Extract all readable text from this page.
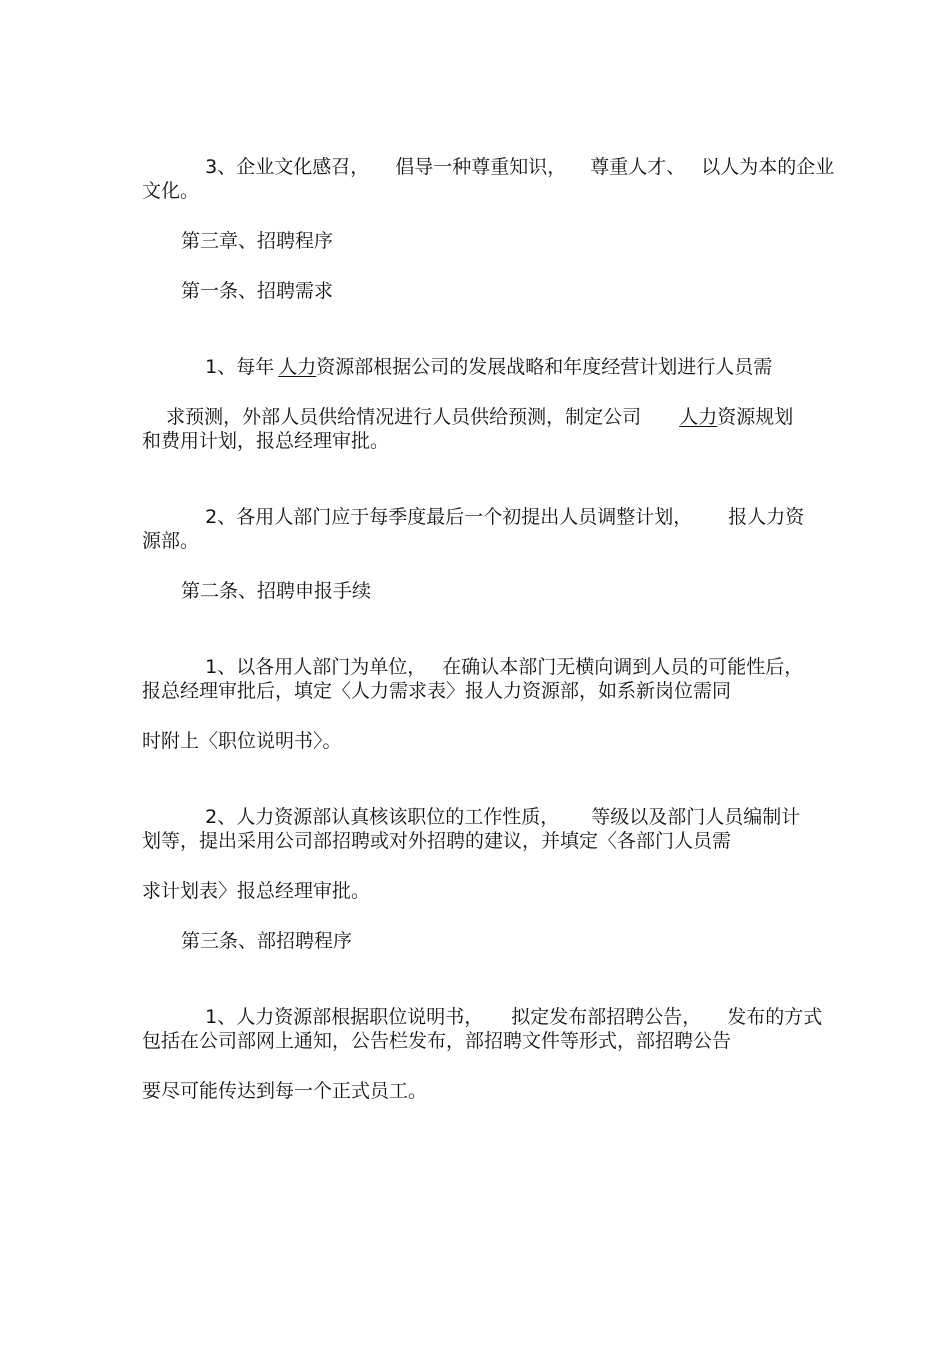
3、企业文化感召， 倡导一种尊重知识， 尊重人才、 以人为本的企业

文化。
第三章、招聘程序
第一条、招聘需求

1、每年 人力资源部根据公司的发展战略和年度经营计划进行人员需

求预测，外部人员供给情况进行人员供给预测，制定公司 人力资源规划

和费用计划，报总经理审批。

2、各用人部门应于每季度最后一个初提出人员调整计划， 报人力资

源部。
第二条、招聘申报手续

1、以各用人部门为单位， 在确认本部门无横向调到人员的可能性后，

报总经理审批后，填定〈人力需求表〉报人力资源部，如系新岗位需同
时附上〈职位说明书〉。

2、人力资源部认真核该职位的工作性质， 等级以及部门人员编制计

划等，提出采用公司部招聘或对外招聘的建议，并填定〈各部门人员需
求计划表〉报总经理审批。
第三条、部招聘程序

1、人力资源部根据职位说明书， 拟定发布部招聘公告， 发布的方式

包括在公司部网上通知，公告栏发布，部招聘文件等形式，部招聘公告
要尽可能传达到每一个正式员工。
